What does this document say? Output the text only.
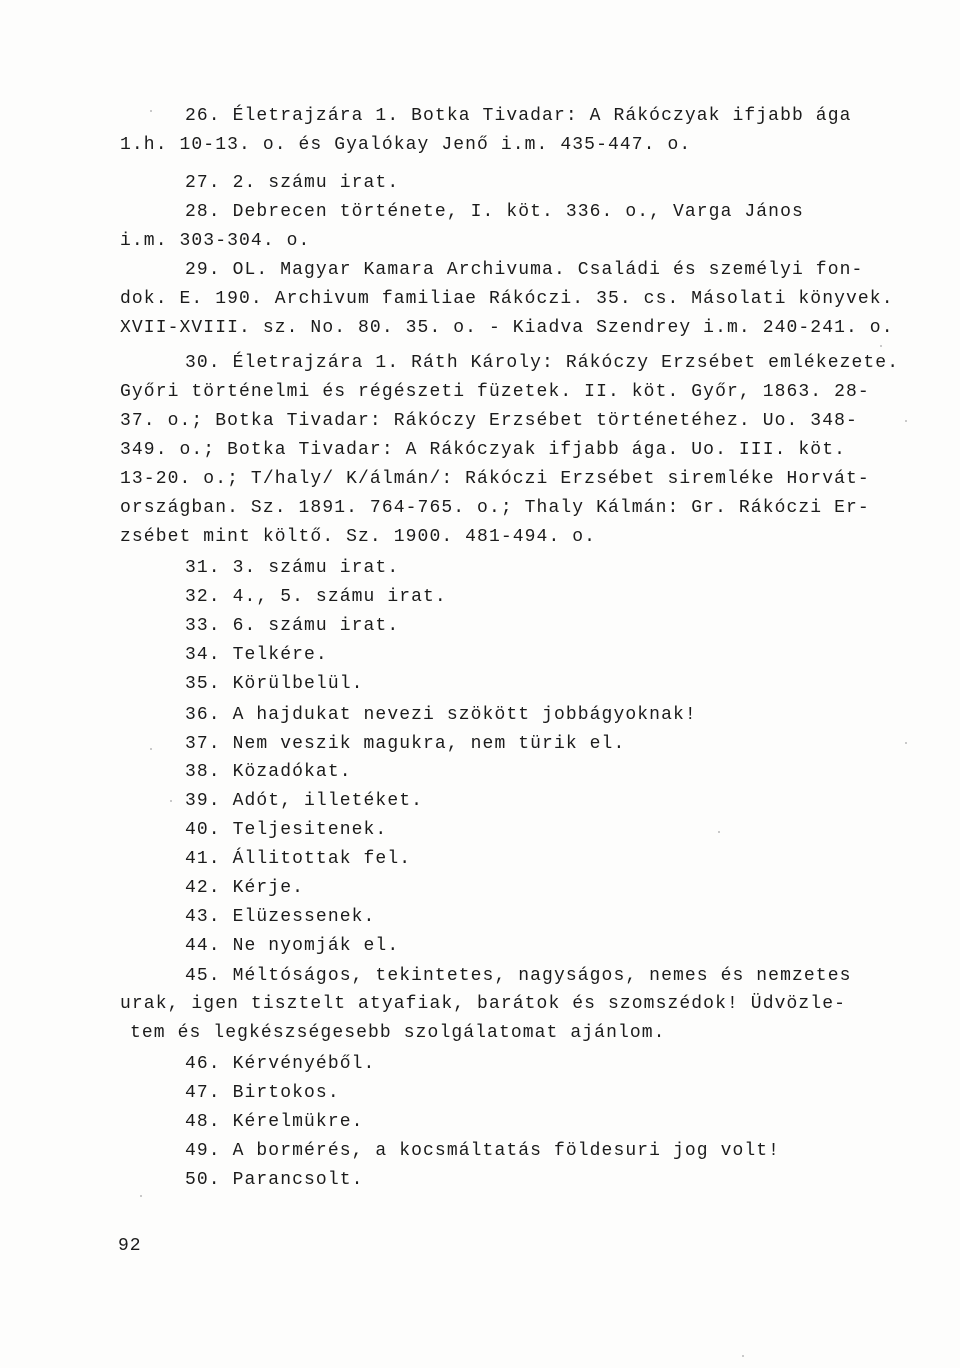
26. Életrajzára 1. Botka Tivadar: A Rákóczyak ifjabb ága
1.h. 10-13. o. és Gyalókay Jenő i.m. 435-447. o.
27. 2. számu irat.
28. Debrecen története, I. köt. 336. o., Varga János
i.m. 303-304. o.
29. OL. Magyar Kamara Archivuma. Családi és személyi fon-
dok. E. 190. Archivum familiae Rákóczi. 35. cs. Másolati könyvek.
XVII-XVIII. sz. No. 80. 35. o. - Kiadva Szendrey i.m. 240-241. o.
30. Életrajzára 1. Ráth Károly: Rákóczy Erzsébet emlékezete.
Győri történelmi és régészeti füzetek. II. köt. Győr, 1863. 28-
37. o.; Botka Tivadar: Rákóczy Erzsébet történetéhez. Uo. 348-
349. o.; Botka Tivadar: A Rákóczyak ifjabb ága. Uo. III. köt.
13-20. o.; T/haly/ K/álmán/: Rákóczi Erzsébet siremléke Horvát-
országban. Sz. 1891. 764-765. o.; Thaly Kálmán: Gr. Rákóczi Er-
zsébet mint költő. Sz. 1900. 481-494. o.
31. 3. számu irat.
32. 4., 5. számu irat.
33. 6. számu irat.
34. Telkére.
35. Körülbelül.
36. A hajdukat nevezi szökött jobbágyoknak!
37. Nem veszik magukra, nem türik el.
38. Közadókat.
39. Adót, illetéket.
40. Teljesitenek.
41. Állitottak fel.
42. Kérje.
43. Elüzessenek.
44. Ne nyomják el.
45. Méltóságos, tekintetes, nagyságos, nemes és nemzetes
urak, igen tisztelt atyafiak, barátok és szomszédok! Üdvözle-
tem és legkészségesebb szolgálatomat ajánlom.
46. Kérvényéből.
47. Birtokos.
48. Kérelmükre.
49. A bormérés, a kocsmáltatás földesuri jog volt!
50. Parancsolt.
92
